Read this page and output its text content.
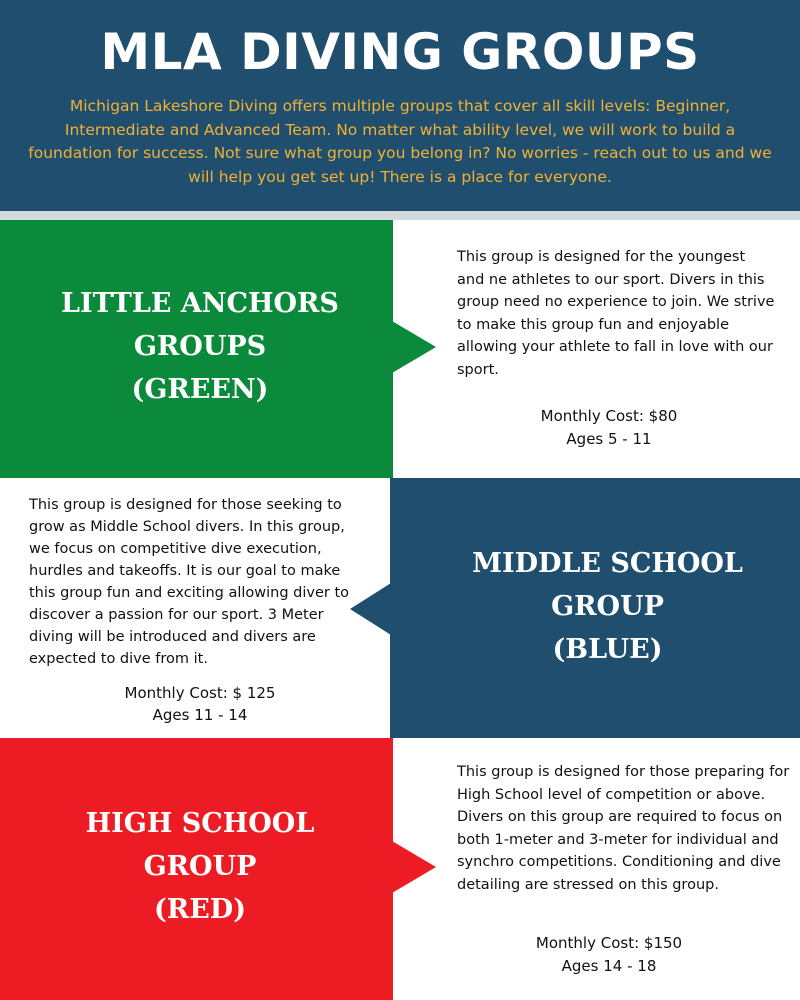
MLA DIVING GROUPS
Michigan Lakeshore Diving offers multiple groups that cover all skill levels: Beginner, Intermediate and Advanced Team. No matter what ability level, we will work to build a foundation for success. Not sure what group you belong in? No worries - reach out to us and we will help you get set up! There is a place for everyone.
LITTLE ANCHORS
GROUPS
(GREEN)
This group is designed for the youngest and ne athletes to our sport. Divers in this group need no experience to join. We strive to make this group fun and enjoyable allowing your athlete to fall in love with our sport.
Monthly Cost: $80
Ages 5 - 11
MIDDLE SCHOOL
GROUP
(BLUE)
This group is designed for those seeking to grow as Middle School divers. In this group, we focus on competitive dive execution, hurdles and takeoffs. It is our goal to make this group fun and exciting allowing diver to discover a passion for our sport. 3 Meter diving will be introduced and divers are expected to dive from it.
Monthly Cost: $ 125
Ages 11 - 14
HIGH SCHOOL
GROUP
(RED)
This group is designed for those preparing for High School level of competition or above. Divers on this group are required to focus on both 1-meter and 3-meter for individual and synchro competitions. Conditioning and dive detailing are stressed on this group.
Monthly Cost: $150
Ages 14 - 18
